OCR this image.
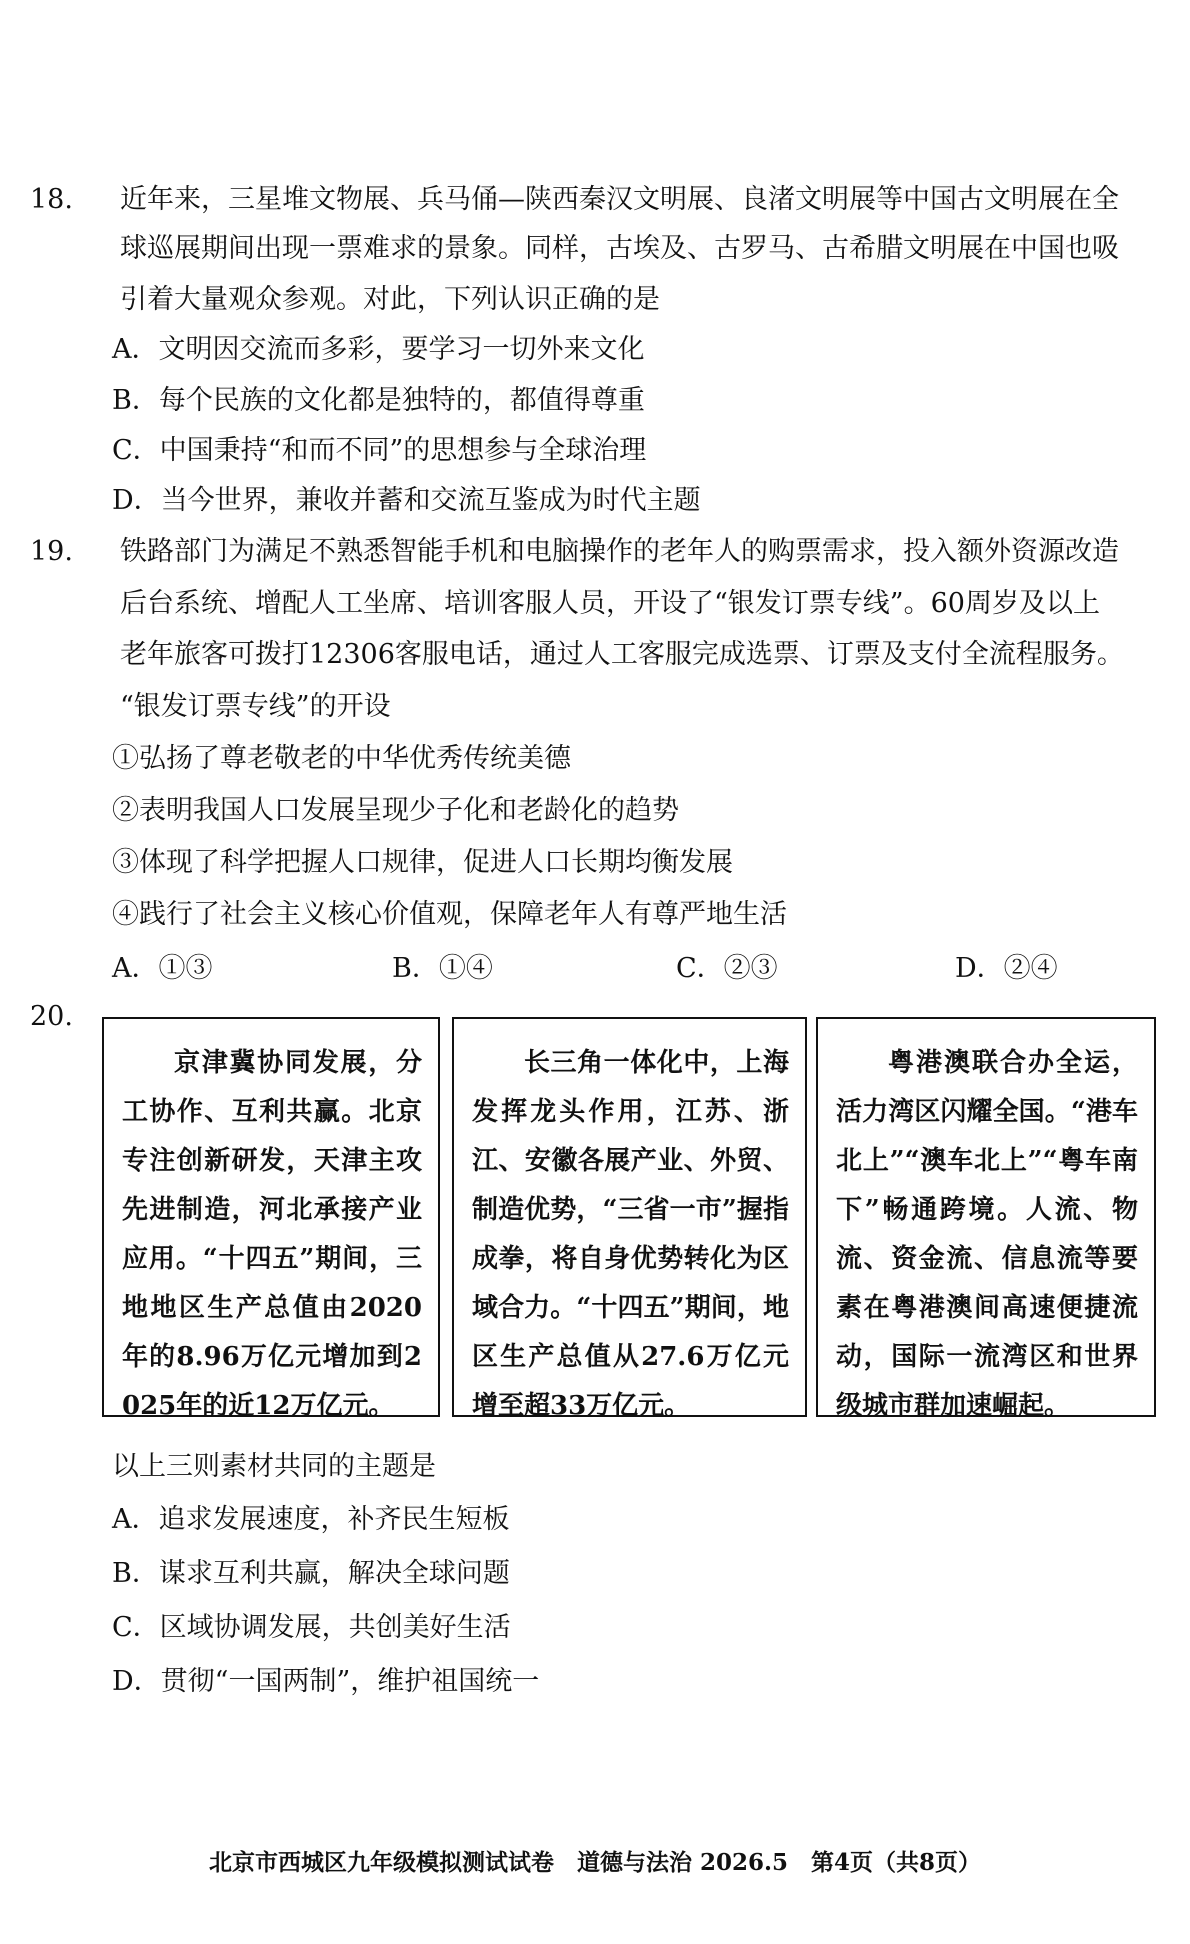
18. 近年来，三星堆文物展、兵马俑—陕西秦汉文明展、良渚文明展等中国古文明展在全
球巡展期间出现一票难求的景象。同样，古埃及、古罗马、古希腊文明展在中国也吸
引着大量观众参观。对此，下列认识正确的是
A．文明因交流而多彩，要学习一切外来文化
B．每个民族的文化都是独特的，都值得尊重
C．中国秉持“和而不同”的思想参与全球治理
D．当今世界，兼收并蓄和交流互鉴成为时代主题
19. 铁路部门为满足不熟悉智能手机和电脑操作的老年人的购票需求，投入额外资源改造
后台系统、增配人工坐席、培训客服人员，开设了“银发订票专线”。60周岁及以上
老年旅客可拨打12306客服电话，通过人工客服完成选票、订票及支付全流程服务。
“银发订票专线”的开设
①弘扬了尊老敬老的中华优秀传统美德
②表明我国人口发展呈现少子化和老龄化的趋势
③体现了科学把握人口规律，促进人口长期均衡发展
④践行了社会主义核心价值观，保障老年人有尊严地生活
A．①③	B．①④	C．②③	D．②④
20.
京津冀协同发展，分工协作、互利共赢。北京专注创新研发，天津主攻先进制造，河北承接产业应用。“十四五”期间，三地地区生产总值由2020年的8.96万亿元增加到2025年的近12万亿元。
长三角一体化中，上海发挥龙头作用，江苏、浙江、安徽各展产业、外贸、制造优势，“三省一市”握指成拳，将自身优势转化为区域合力。“十四五”期间，地区生产总值从27.6万亿元增至超33万亿元。
粤港澳联合办全运，活力湾区闪耀全国。“港车北上”“澳车北上”“粤车南下”畅通跨境。人流、物流、资金流、信息流等要素在粤港澳间高速便捷流动，国际一流湾区和世界级城市群加速崛起。
以上三则素材共同的主题是
A．追求发展速度，补齐民生短板
B．谋求互利共赢，解决全球问题
C．区域协调发展，共创美好生活
D．贯彻“一国两制”，维护祖国统一
北京市西城区九年级模拟测试试卷　道德与法治 2026.5　第4页（共8页）
